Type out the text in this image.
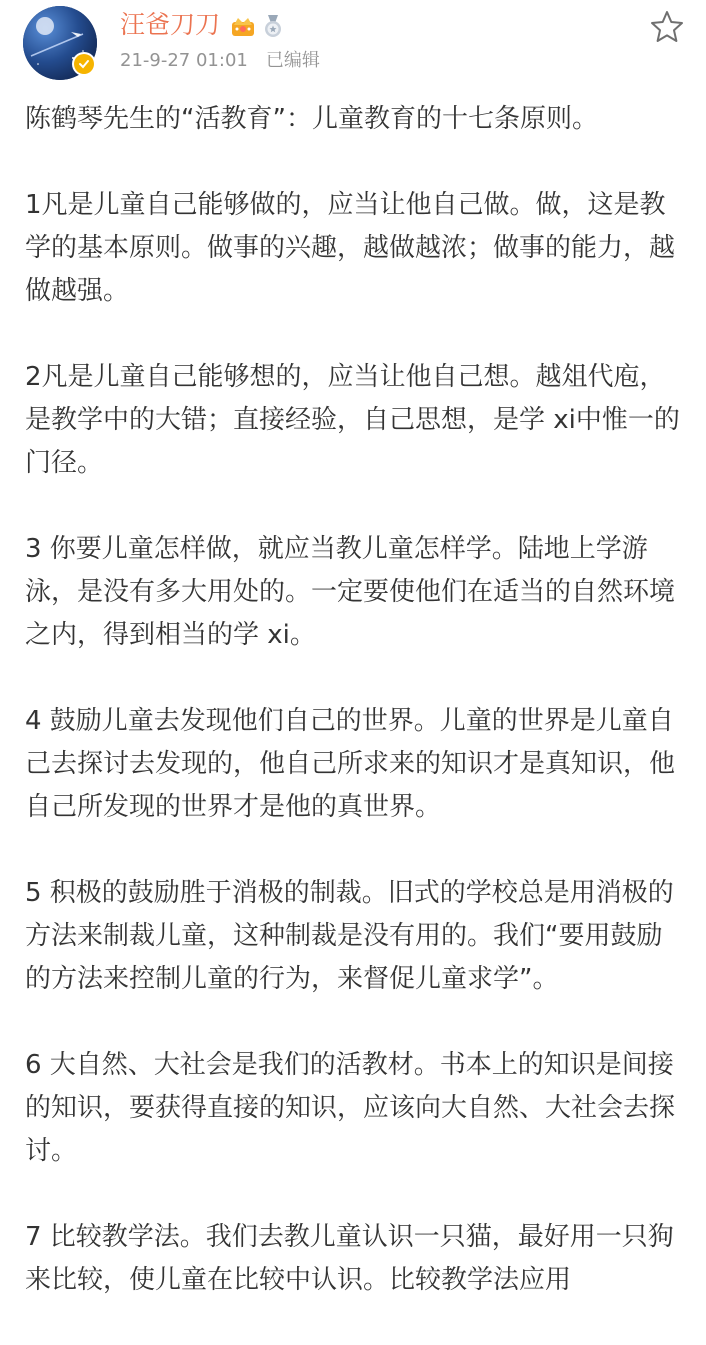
汪爸刀刀
21-9-27 01:01 已编辑

陈鹤琴先生的“活教育”：儿童教育的十七条原则。

1凡是儿童自己能够做的，应当让他自己做。做，这是教学的基本原则。做事的兴趣，越做越浓；做事的能力，越做越强。

2凡是儿童自己能够想的，应当让他自己想。越俎代庖，是教学中的大错；直接经验，自己思想，是学 xi中惟一的门径。

3 你要儿童怎样做，就应当教儿童怎样学。陆地上学游泳，是没有多大用处的。一定要使他们在适当的自然环境之内，得到相当的学 xi。

4 鼓励儿童去发现他们自己的世界。儿童的世界是儿童自己去探讨去发现的，他自己所求来的知识才是真知识，他自己所发现的世界才是他的真世界。

5 积极的鼓励胜于消极的制裁。旧式的学校总是用消极的方法来制裁儿童，这种制裁是没有用的。我们“要用鼓励的方法来控制儿童的行为，来督促儿童求学”。

6 大自然、大社会是我们的活教材。书本上的知识是间接的知识，要获得直接的知识，应该向大自然、大社会去探讨。

7 比较教学法。我们去教儿童认识一只猫，最好用一只狗来比较，使儿童在比较中认识。比较教学法应用
